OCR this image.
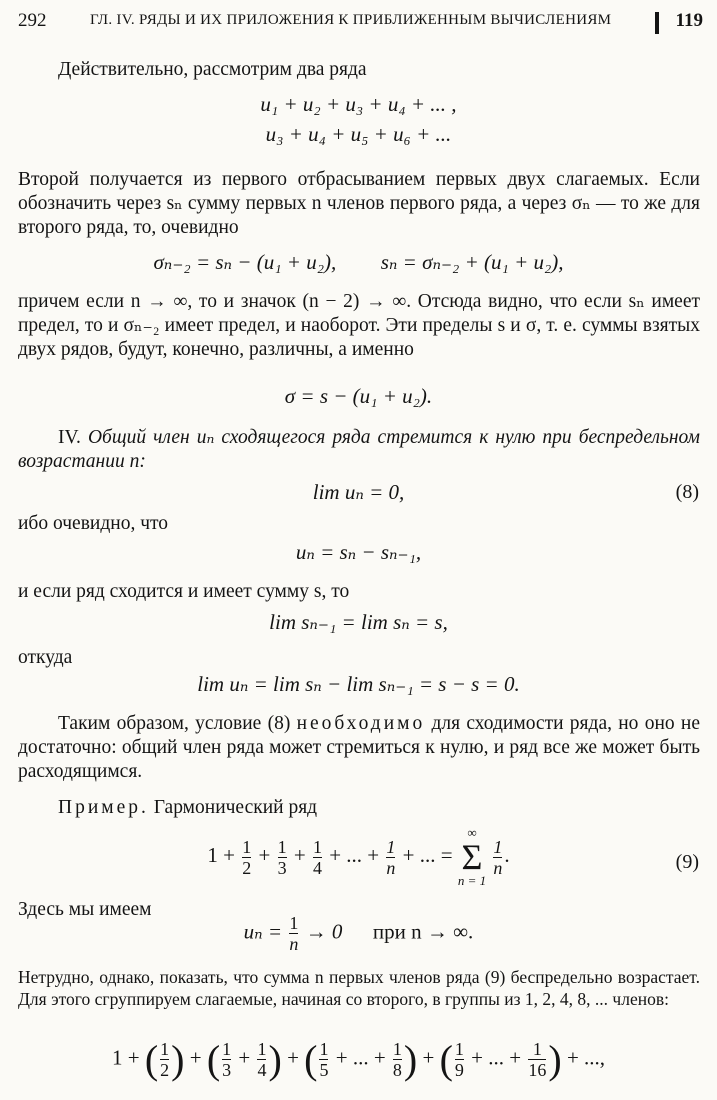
292	ГЛ. IV. РЯДЫ И ИХ ПРИЛОЖЕНИЯ К ПРИБЛИЖЕННЫМ ВЫЧИСЛЕНИЯМ	119
Действительно, рассмотрим два ряда
u₁ + u₂ + u₃ + u₄ + ... ,
u₃ + u₄ + u₅ + u₆ + ...
Второй получается из первого отбрасыванием первых двух слагаемых. Если обозначить через sₙ сумму первых n членов первого ряда, а через σₙ — то же для второго ряда, то, очевидно
σₙ₋₂ = sₙ − (u₁ + u₂), sₙ = σₙ₋₂ + (u₁ + u₂),
причем если n → ∞, то и значок (n − 2) → ∞. Отсюда видно, что если sₙ имеет предел, то и σₙ₋₂ имеет предел, и наоборот. Эти пределы s и σ, т. е. суммы взятых двух рядов, будут, конечно, различны, а именно
σ = s − (u₁ + u₂).
IV. Общий член uₙ сходящегося ряда стремится к нулю при беспредельном возрастании n:
lim uₙ = 0,	(8)
ибо очевидно, что
uₙ = sₙ − sₙ₋₁,
и если ряд сходится и имеет сумму s, то
lim sₙ₋₁ = lim sₙ = s,
откуда
lim uₙ = lim sₙ − lim sₙ₋₁ = s − s = 0.
Таким образом, условие (8) необходимо для сходимости ряда, но оно не достаточно: общий член ряда может стремиться к нулю, и ряд все же может быть расходящимся.
Пример. Гармонический ряд
$1 + \frac{1}{2} + \frac{1}{3} + \frac{1}{4}$ + ... + $\frac{1}{n}$ + ... =
∞
Σ
n = 1

$\frac{1}{n}$ .	(9)
Здесь мы имеем
$u_n = \frac{1}{n} \to 0$ при n → ∞.
Нетрудно, однако, показать, что сумма n первых членов ряда (9) беспредельно возрастает. Для этого сгруппируем слагаемые, начиная со второго, в группы из 1, 2, 4, 8, ... членов:
1 + ( $\frac{1}{2}$ ) + ( $\frac{1}{3} + \frac{1}{4}$ ) + ( $\frac{1}{5}$ + ... + $\frac{1}{8}$ ) + ( $\frac{1}{9}$ + ... + $\frac{1}{16}$ ) + ...,
